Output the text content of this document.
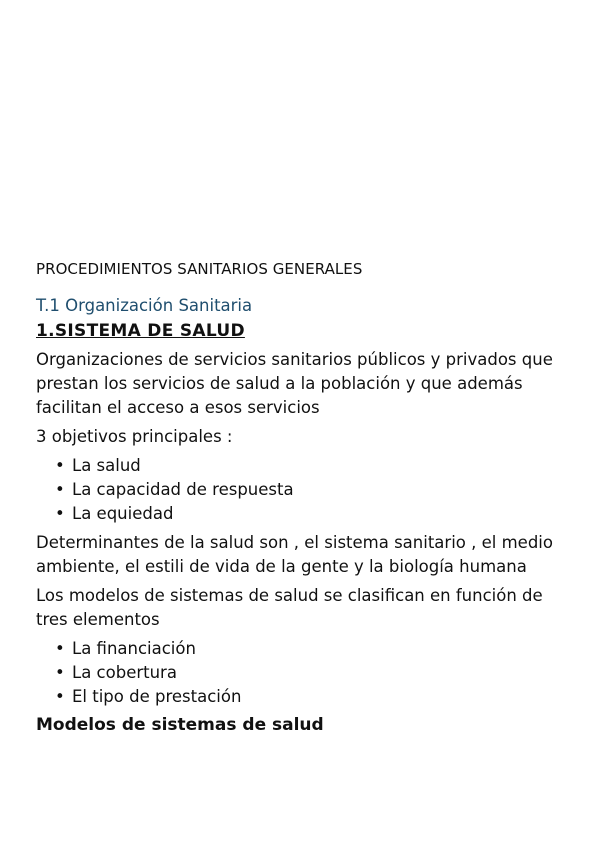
PROCEDIMIENTOS SANITARIOS GENERALES
T.1 Organización Sanitaria
1.SISTEMA DE SALUD

Organizaciones de servicios sanitarios públicos y privados que prestan los servicios de salud a la población y que además facilitan el acceso a esos servicios

3 objetivos principales :

• La salud
• La capacidad de respuesta
• La equiedad

Determinantes de la salud son , el sistema sanitario , el medio ambiente, el estili de vida de la gente y la biología humana

Los modelos de sistemas de salud se clasifican en función de tres elementos

• La financiación
• La cobertura
• El tipo de prestación
Modelos de sistemas de salud
